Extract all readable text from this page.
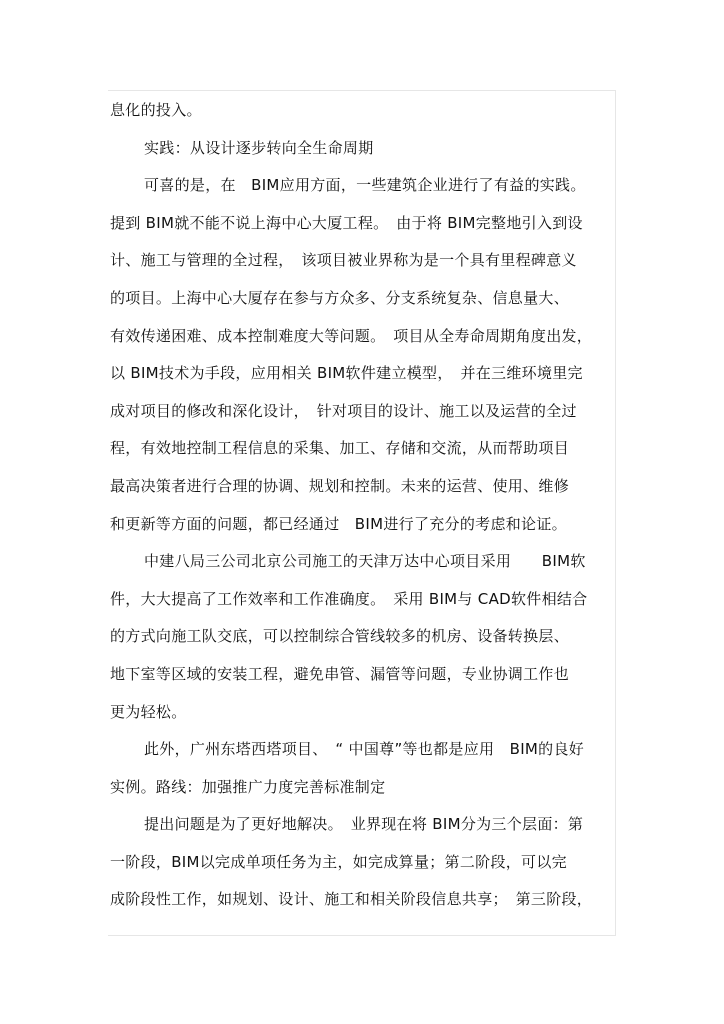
息化的投入。
实践：从设计逐步转向全生命周期
可喜的是，在　BIM应用方面，一些建筑企业进行了有益的实践。
提到 BIM就不能不说上海中心大厦工程。　由于将 BIM完整地引入到设
计、施工与管理的全过程，　该项目被业界称为是一个具有里程碑意义
的项目。上海中心大厦存在参与方众多、分支系统复杂、信息量大、
有效传递困难、成本控制难度大等问题。　项目从全寿命周期角度出发，
以 BIM技术为手段，应用相关 BIM软件建立模型，　并在三维环境里完
成对项目的修改和深化设计，　针对项目的设计、施工以及运营的全过
程，有效地控制工程信息的采集、加工、存储和交流，从而帮助项目
最高决策者进行合理的协调、规划和控制。未来的运营、使用、维修
和更新等方面的问题，都已经通过　BIM进行了充分的考虑和论证。
中建八局三公司北京公司施工的天津万达中心项目采用　　BIM软
件，大大提高了工作效率和工作准确度。　采用 BIM与 CAD软件相结合
的方式向施工队交底，可以控制综合管线较多的机房、设备转换层、
地下室等区域的安装工程，避免串管、漏管等问题，专业协调工作也
更为轻松。
此外，广州东塔西塔项目、　“ 中国尊”等也都是应用　BIM的良好
实例。路线：加强推广力度完善标准制定
提出问题是为了更好地解决。　业界现在将 BIM分为三个层面：第
一阶段，BIM以完成单项任务为主，如完成算量；第二阶段，可以完
成阶段性工作，如规划、设计、施工和相关阶段信息共享；　第三阶段，
